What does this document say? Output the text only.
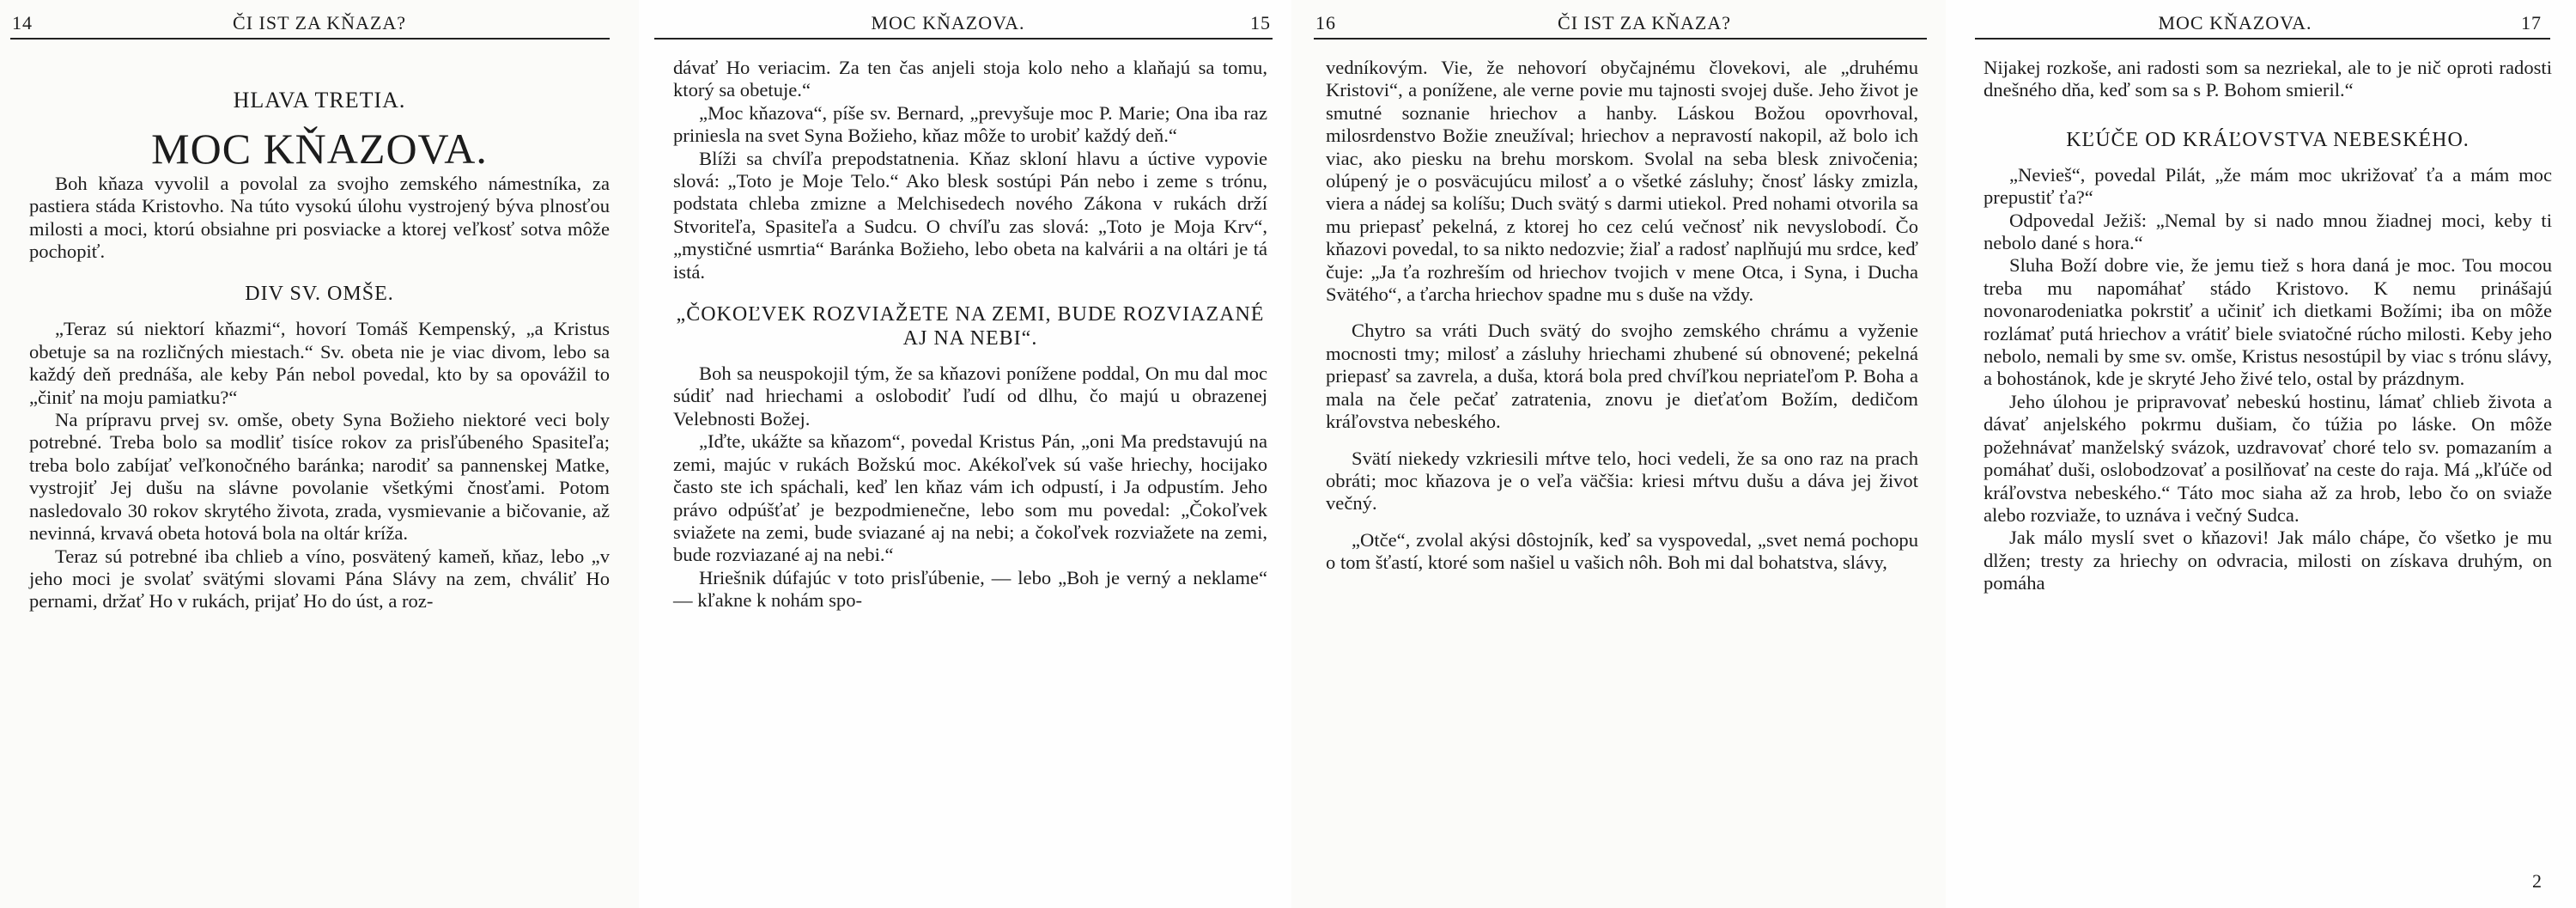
14	ČI IST ZA KŇAZA?
HLAVA TRETIA.
MOC KŇAZOVA.

Boh kňaza vyvolil a povolal za svojho zemského námestníka, za pastiera stáda Kristovho. Na túto vysokú úlohu vystrojený býva plnosťou milosti a moci, ktorú obsiahne pri posviacke a ktorej veľkosť sotva môže pochopiť.

DIV SV. OMŠE.

„Teraz sú niektorí kňazmi“, hovorí Tomáš Kempenský, „a Kristus obetuje sa na rozličných miestach.“ Sv. obeta nie je viac divom, lebo sa každý deň prednáša, ale keby Pán nebol povedal, kto by sa opovážil to „činiť na moju pamiatku?“

Na prípravu prvej sv. omše, obety Syna Božieho niektoré veci boly potrebné. Treba bolo sa modliť tisíce rokov za prisľúbeného Spasiteľa; treba bolo zabíjať veľkonočného baránka; narodiť sa pannenskej Matke, vystrojiť Jej dušu na slávne povolanie všetkými čnosťami. Potom nasledovalo 30 rokov skrytého života, zrada, vysmievanie a bičovanie, až nevinná, krvavá obeta hotová bola na oltár kríža.

Teraz sú potrebné iba chlieb a víno, posvätený kameň, kňaz, lebo „v jeho moci je svolať svätými slovami Pána Slávy na zem, chváliť Ho pernami, držať Ho v rukách, prijať Ho do úst, a roz-

MOC KŇAZOVA.	15

dávať Ho veriacim. Za ten čas anjeli stoja kolo neho a klaňajú sa tomu, ktorý sa obetuje.“

„Moc kňazova“, píše sv. Bernard, „prevyšuje moc P. Marie; Ona iba raz priniesla na svet Syna Božieho, kňaz môže to urobiť každý deň.“

Blíži sa chvíľa prepodstatnenia. Kňaz skloní hlavu a úctive vypovie slová: „Toto je Moje Telo.“ Ako blesk sostúpi Pán nebo i zeme s trónu, podstata chleba zmizne a Melchisedech nového Zákona v rukách drží Stvoriteľa, Spasiteľa a Sudcu. O chvíľu zas slová: „Toto je Moja Krv“, „mystičné usmrtia“ Baránka Božieho, lebo obeta na kalvárii a na oltári je tá istá.

„ČOKOĽVEK ROZVIAŽETE NA ZEMI, BUDE ROZVIAZANÉ AJ NA NEBI“.

Boh sa neuspokojil tým, že sa kňazovi ponížene poddal, On mu dal moc súdiť nad hriechami a oslobodiť ľudí od dlhu, čo majú u obrazenej Velebnosti Božej.

„Iďte, ukážte sa kňazom“, povedal Kristus Pán, „oni Ma predstavujú na zemi, majúc v rukách Božskú moc. Akékoľvek sú vaše hriechy, hocijako často ste ich spáchali, keď len kňaz vám ich odpustí, i Ja odpustím. Jeho právo odpúšťať je bezpodmienečne, lebo som mu povedal: „Čokoľvek sviažete na zemi, bude sviazané aj na nebi; a čokoľvek rozviažete na zemi, bude rozviazané aj na nebi.“

Hriešnik dúfajúc v toto prisľúbenie, — lebo „Boh je verný a neklame“ — kľakne k nohám spo-

16	ČI IST ZA KŇAZA?

vedníkovým. Vie, že nehovorí obyčajnému človekovi, ale „druhému Kristovi“, a ponížene, ale verne povie mu tajnosti svojej duše. Jeho život je smutné soznanie hriechov a hanby. Láskou Božou opovrhoval, milosrdenstvo Božie zneužíval; hriechov a nepravostí nakopil, až bolo ich viac, ako piesku na brehu morskom. Svolal na seba blesk znivočenia; olúpený je o posväcujúcu milosť a o všetké zásluhy; čnosť lásky zmizla, viera a nádej sa kolíšu; Duch svätý s darmi utiekol. Pred nohami otvorila sa mu priepasť pekelná, z ktorej ho cez celú večnosť nik nevyslobodí. Čo kňazovi povedal, to sa nikto nedozvie; žiaľ a radosť naplňujú mu srdce, keď čuje: „Ja ťa rozhreším od hriechov tvojich v mene Otca, i Syna, i Ducha Svätého“, a ťarcha hriechov spadne mu s duše na vždy.

Chytro sa vráti Duch svätý do svojho zemského chrámu a vyženie mocnosti tmy; milosť a zásluhy hriechami zhubené sú obnovené; pekelná priepasť sa zavrela, a duša, ktorá bola pred chvíľkou nepriateľom P. Boha a mala na čele pečať zatratenia, znovu je dieťaťom Božím, dedičom kráľovstva nebeského.

Svätí niekedy vzkriesili mŕtve telo, hoci vedeli, že sa ono raz na prach obráti; moc kňazova je o veľa väčšia: kriesi mŕtvu dušu a dáva jej život večný.

„Otče“, zvolal akýsi dôstojník, keď sa vyspovedal, „svet nemá pochopu o tom šťastí, ktoré som našiel u vašich nôh. Boh mi dal bohatstva, slávy,

MOC KŇAZOVA.	17

Nijakej rozkoše, ani radosti som sa nezriekal, ale to je nič oproti radosti dnešného dňa, keď som sa s P. Bohom smieril.“

KĽÚČE OD KRÁĽOVSTVA NEBESKÉHO.

„Nevieš“, povedal Pilát, „že mám moc ukrižovať ťa a mám moc prepustiť ťa?“

Odpovedal Ježiš: „Nemal by si nado mnou žiadnej moci, keby ti nebolo dané s hora.“

Sluha Boží dobre vie, že jemu tiež s hora daná je moc. Tou mocou treba mu napomáhať stádo Kristovo. K nemu prinášajú novonarodeniatka pokrstiť a učiniť ich dietkami Božími; iba on môže rozlámať putá hriechov a vrátiť biele sviatočné rúcho milosti. Keby jeho nebolo, nemali by sme sv. omše, Kristus nesostúpil by viac s trónu slávy, a bohostánok, kde je skryté Jeho živé telo, ostal by prázdnym.

Jeho úlohou je pripravovať nebeskú hostinu, lámať chlieb života a dávať anjelského pokrmu dušiam, čo túžia po láske. On môže požehnávať manželský svázok, uzdravovať choré telo sv. pomazaním a pomáhať duši, oslobodzovať a posilňovať na ceste do raja. Má „kľúče od kráľovstva nebeského.“ Táto moc siaha až za hrob, lebo čo on sviaže alebo rozviaže, to uznáva i večný Sudca.

Jak málo myslí svet o kňazovi! Jak málo chápe, čo všetko je mu dlžen; tresty za hriechy on odvracia, milosti on získava druhým, on pomáha

2
